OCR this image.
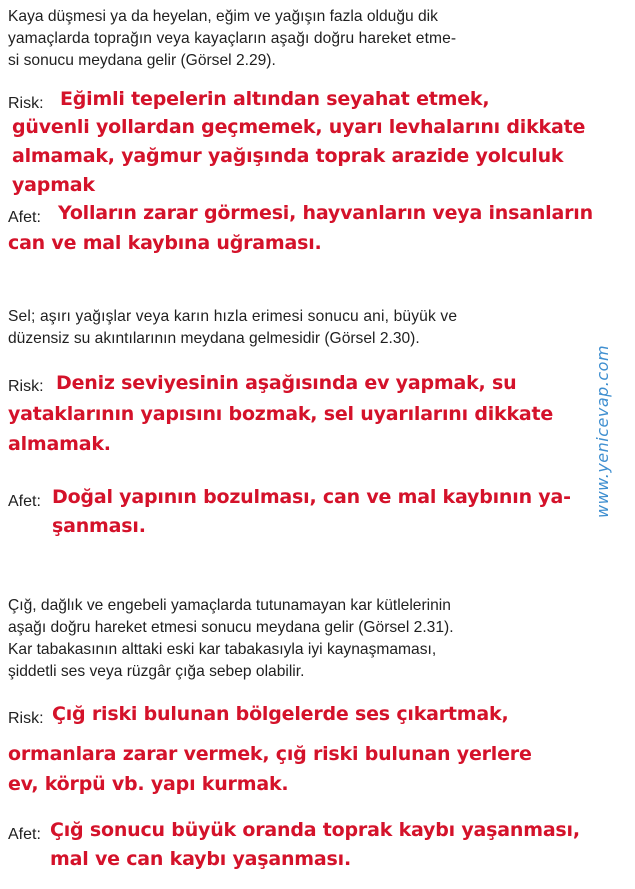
Kaya düşmesi ya da heyelan, eğim ve yağışın fazla olduğu dik

yamaçlarda toprağın veya kayaçların aşağı doğru hareket etme-

si sonucu meydana gelir (Görsel 2.29).

Risk: Eğimli tepelerin altından seyahat etmek,
güvenli yollardan geçmemek, uyarı levhalarını dikkate
almamak, yağmur yağışında toprak arazide yolculuk
yapmak
Afet: Yolların zarar görmesi, hayvanların veya insanların
can ve mal kaybına uğraması.

Sel; aşırı yağışlar veya karın hızla erimesi sonucu ani, büyük ve

düzensiz su akıntılarının meydana gelmesidir (Görsel 2.30).

Risk: Deniz seviyesinin aşağısında ev yapmak, su
yataklarının yapısını bozmak, sel uyarılarını dikkate
almamak.
Afet: Doğal yapının bozulması, can ve mal kaybının ya-
şanması.

Çığ, dağlık ve engebeli yamaçlarda tutunamayan kar kütlelerinin

aşağı doğru hareket etmesi sonucu meydana gelir (Görsel 2.31).

Kar tabakasının alttaki eski kar tabakasıyla iyi kaynaşmaması,

şiddetli ses veya rüzgâr çığa sebep olabilir.

Risk: Çığ riski bulunan bölgelerde ses çıkartmak,
ormanlara zarar vermek, çığ riski bulunan yerlere
ev, körpü vb. yapı kurmak.
Afet: Çığ sonucu büyük oranda toprak kaybı yaşanması,
mal ve can kaybı yaşanması.
www.yenicevap.com
